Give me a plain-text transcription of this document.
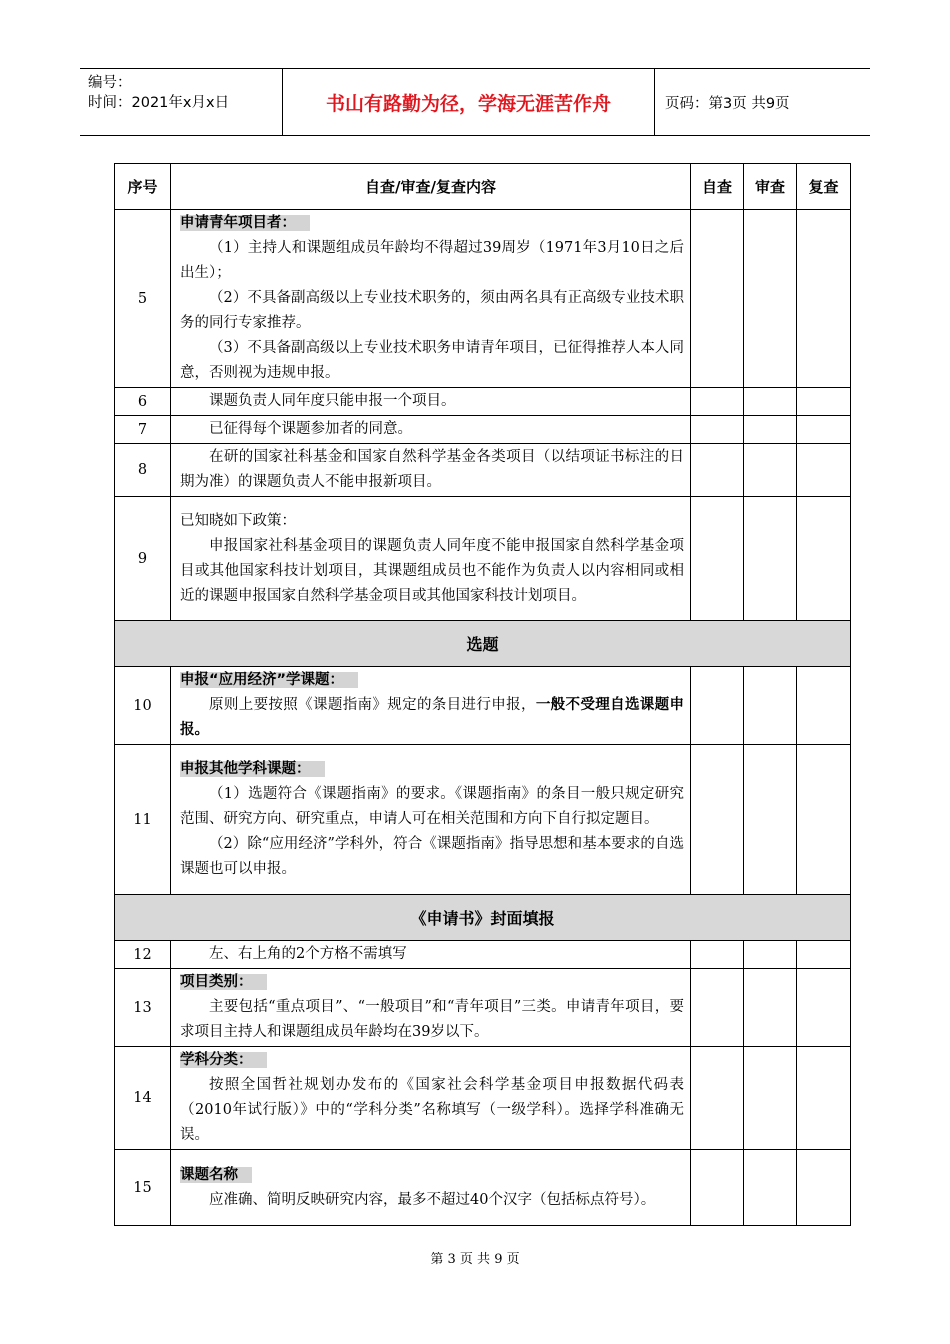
编号：
时间：2021年x月x日	书山有路勤为径，学海无涯苦作舟	页码：第3页 共9页
序号	自查/审查/复查内容	自查	审查	复查
5	申请青年项目者：

（1）主持人和课题组成员年龄均不得超过39周岁（1971年3月10日之后出生）；

（2）不具备副高级以上专业技术职务的，须由两名具有正高级专业技术职务的同行专家推荐。

（3）不具备副高级以上专业技术职务申请青年项目，已征得推荐人本人同意，否则视为违规申报。			

6	课题负责人同年度只能申报一个项目。			

7	已征得每个课题参加者的同意。			

8	在研的国家社科基金和国家自然科学基金各类项目（以结项证书标注的日期为准）的课题负责人不能申报新项目。			

9	已知晓如下政策：

申报国家社科基金项目的课题负责人同年度不能申报国家自然科学基金项目或其他国家科技计划项目，其课题组成员也不能作为负责人以内容相同或相近的课题申报国家自然科学基金项目或其他国家科技计划项目。			

选题				
10	申报“应用经济”学课题：

原则上要按照《课题指南》规定的条目进行申报，一般不受理自选课题申报。			

11	申报其他学科课题：

（1）选题符合《课题指南》的要求。《课题指南》的条目一般只规定研究范围、研究方向、研究重点，申请人可在相关范围和方向下自行拟定题目。

（2）除“应用经济”学科外，符合《课题指南》指导思想和基本要求的自选课题也可以申报。			

《申请书》封面填报				
12	左、右上角的2个方格不需填写			

13	项目类别：

主要包括“重点项目”、“一般项目”和“青年项目”三类。申请青年项目，要求项目主持人和课题组成员年龄均在39岁以下。			

14	学科分类：

按照全国哲社规划办发布的《国家社会科学基金项目申报数据代码表（2010年试行版）》中的“学科分类”名称填写（一级学科）。选择学科准确无误。			

15	课题名称

应准确、简明反映研究内容，最多不超过40个汉字（包括标点符号）。			

第 3 页 共 9 页
